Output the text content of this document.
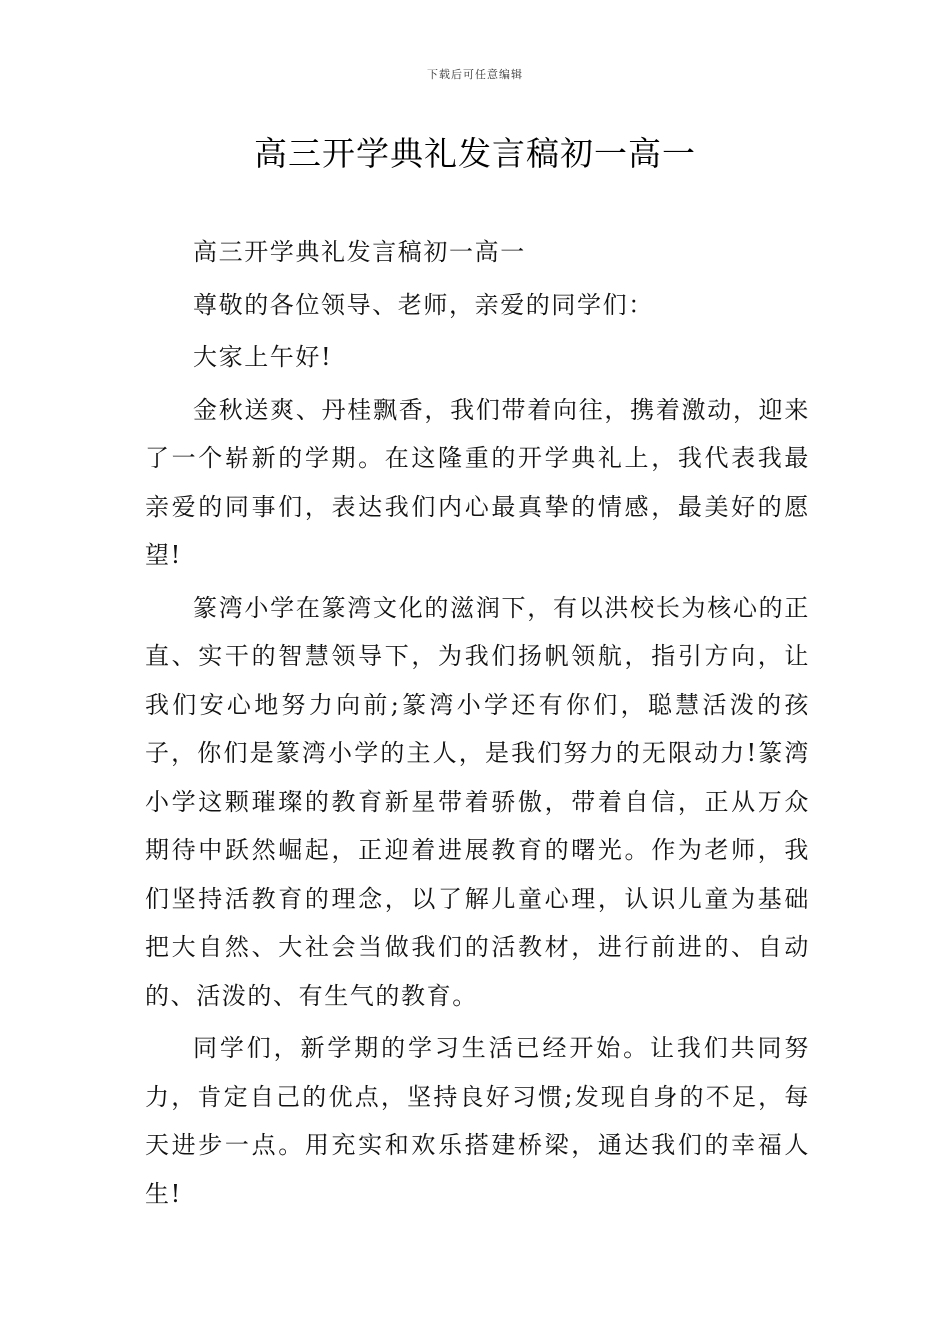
下载后可任意编辑
高三开学典礼发言稿初一高一

高三开学典礼发言稿初一高一

尊敬的各位领导、老师，亲爱的同学们：

大家上午好!

金秋送爽、丹桂飘香，我们带着向往，携着激动，迎来了一个崭新的学期。在这隆重的开学典礼上，我代表我最亲爱的同事们，表达我们内心最真挚的情感，最美好的愿望!

篆湾小学在篆湾文化的滋润下，有以洪校长为核心的正直、实干的智慧领导下，为我们扬帆领航，指引方向，让我们安心地努力向前;篆湾小学还有你们，聪慧活泼的孩子，你们是篆湾小学的主人，是我们努力的无限动力!篆湾小学这颗璀璨的教育新星带着骄傲，带着自信，正从万众期待中跃然崛起，正迎着进展教育的曙光。作为老师，我们坚持活教育的理念，以了解儿童心理，认识儿童为基础把大自然、大社会当做我们的活教材，进行前进的、自动的、活泼的、有生气的教育。

同学们，新学期的学习生活已经开始。让我们共同努力，肯定自己的优点，坚持良好习惯;发现自身的不足，每天进步一点。用充实和欢乐搭建桥梁，通达我们的幸福人生!
